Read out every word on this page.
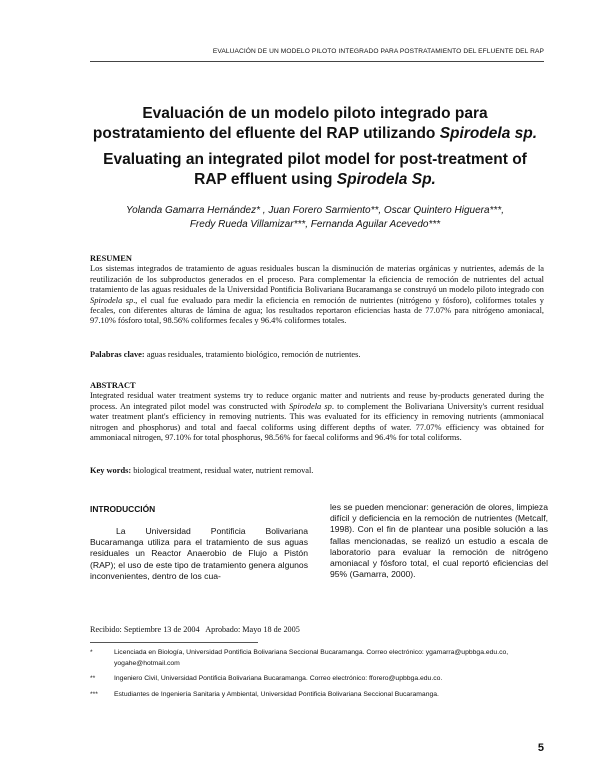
EVALUACIÓN DE UN MODELO PILOTO INTEGRADO PARA POSTRATAMIENTO DEL EFLUENTE DEL RAP
Evaluación de un modelo piloto integrado para
postratamiento del efluente del RAP utilizando Spirodela sp.
Evaluating an integrated pilot model for post-treatment of
RAP effluent using Spirodela Sp.
Yolanda Gamarra Hernández* , Juan Forero Sarmiento**, Oscar Quintero Higuera***,
Fredy Rueda Villamizar***, Fernanda Aguilar Acevedo***
RESUMEN

Los sistemas integrados de tratamiento de aguas residuales buscan la disminución de materias orgánicas y nutrientes, además de la reutilización de los subproductos generados en el proceso. Para complementar la eficiencia de remoción de nutrientes del actual tratamiento de las aguas residuales de la Universidad Pontificia Bolivariana Bucaramanga se construyó un modelo piloto integrado con Spirodela sp., el cual fue evaluado para medir la eficiencia en remoción de nutrientes (nitrógeno y fósforo), coliformes totales y fecales, con diferentes alturas de lámina de agua; los resultados reportaron eficiencias hasta de 77.07% para nitrógeno amoniacal, 97.10% fósforo total, 98.56% coliformes fecales y 96.4% coliformes totales.

Palabras clave: aguas residuales, tratamiento biológico, remoción de nutrientes.
ABSTRACT

Integrated residual water treatment systems try to reduce organic matter and nutrients and reuse by-products generated during the process. An integrated pilot model was constructed with Spirodela sp. to complement the Bolivariana University's current residual water treatment plant's efficiency in removing nutrients. This was evaluated for its efficiency in removing nutrients (ammoniacal nitrogen and phosphorus) and total and faecal coliforms using different depths of water. 77.07% efficiency was obtained for ammoniacal nitrogen, 97.10% for total phosphorus, 98.56% for faecal coliforms and 96.4% for total coliforms.

Key words: biological treatment, residual water, nutrient removal.
INTRODUCCIÓN

La Universidad Pontificia Bolivariana Bucaramanga utiliza para el tratamiento de sus aguas residuales un Reactor Anaerobio de Flujo a Pistón (RAP); el uso de este tipo de tratamiento genera algunos inconvenientes, dentro de los cua-

les se pueden mencionar: generación de olores, limpieza difícil y deficiencia en la remoción de nutrientes (Metcalf, 1998). Con el fin de plantear una posible solución a las fallas mencionadas, se realizó un estudio a escala de laboratorio para evaluar la remoción de nitrógeno amoniacal y fósforo total, el cual reportó eficiencias del 95% (Gamarra, 2000).

Recibido: Septiembre 13 de 2004 Aprobado: Mayo 18 de 2005
*	Licenciada en Biología, Universidad Pontificia Bolivariana Seccional Bucaramanga. Correo electrónico: ygamarra@upbbga.edu.co, yogahe@hotmail.com
**	Ingeniero Civil, Universidad Pontificia Bolivariana Bucaramanga. Correo electrónico: fforero@upbbga.edu.co.
*** Estudiantes de Ingeniería Sanitaria y Ambiental, Universidad Pontificia Bolivariana Seccional Bucaramanga.
5
